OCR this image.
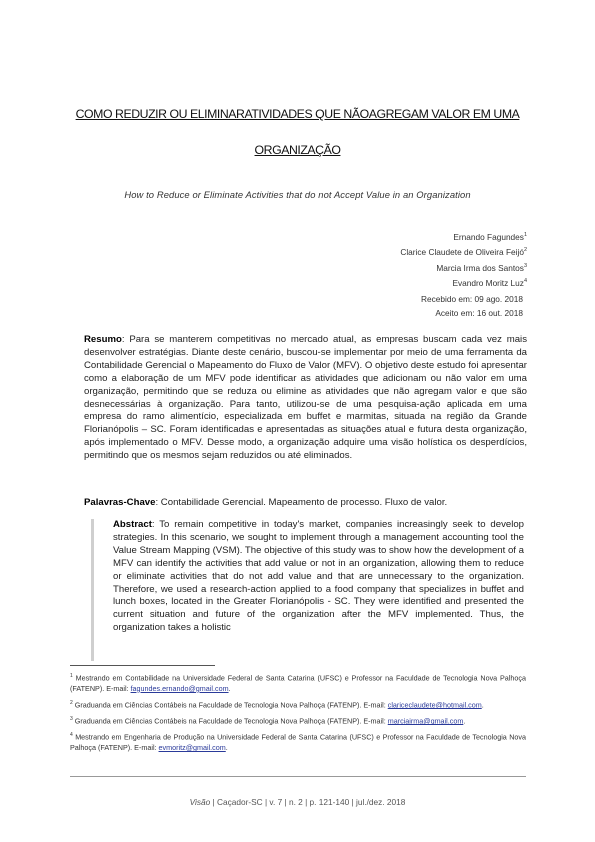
COMO REDUZIR OU ELIMINARATIVIDADES QUE NÃOAGREGAM VALOR EM UMA
ORGANIZAÇÃO
How to Reduce or Eliminate Activities that do not Accept Value in an Organization
Ernando Fagundes$^1$
Clarice Claudete de Oliveira Feijó$^2$
Marcia Irma dos Santos$^3$
Evandro Moritz Luz$^4$
Recebido em: 09 ago. 2018
Aceito em: 16 out. 2018
Resumo: Para se manterem competitivas no mercado atual, as empresas buscam cada vez mais desenvolver estratégias. Diante deste cenário, buscou-se implementar por meio de uma ferramenta da Contabilidade Gerencial o Mapeamento do Fluxo de Valor (MFV). O objetivo deste estudo foi apresentar como a elaboração de um MFV pode identificar as atividades que adicionam ou não valor em uma organização, permitindo que se reduza ou elimine as atividades que não agregam valor e que são desnecessárias à organização. Para tanto, utilizou-se de uma pesquisa-ação aplicada em uma empresa do ramo alimentício, especializada em buffet e marmitas, situada na região da Grande Florianópolis – SC. Foram identificadas e apresentadas as situações atual e futura desta organização, após implementado o MFV. Desse modo, a organização adquire uma visão holística os desperdícios, permitindo que os mesmos sejam reduzidos ou até eliminados.
Palavras-Chave: Contabilidade Gerencial. Mapeamento de processo. Fluxo de valor.
Abstract: To remain competitive in today's market, companies increasingly seek to develop strategies. In this scenario, we sought to implement through a management accounting tool the Value Stream Mapping (VSM). The objective of this study was to show how the development of a MFV can identify the activities that add value or not in an organization, allowing them to reduce or eliminate activities that do not add value and that are unnecessary to the organization. Therefore, we used a research-action applied to a food company that specializes in buffet and lunch boxes, located in the Greater Florianópolis - SC. They were identified and presented the current situation and future of the organization after the MFV implemented. Thus, the organization takes a holistic

$^1$ Mestrando em Contabilidade na Universidade Federal de Santa Catarina (UFSC) e Professor na Faculdade de Tecnologia Nova Palhoça (FATENP). E-mail: fagundes.ernando@gmail.com.

$^2$ Graduanda em Ciências Contábeis na Faculdade de Tecnologia Nova Palhoça (FATENP). E-mail: clariceclaudete@hotmail.com.

$^3$ Graduanda em Ciências Contábeis na Faculdade de Tecnologia Nova Palhoça (FATENP). E-mail: marciairma@gmail.com.

$^4$ Mestrando em Engenharia de Produção na Universidade Federal de Santa Catarina (UFSC) e Professor na Faculdade de Tecnologia Nova Palhoça (FATENP). E-mail: evmoritz@gmail.com.

Visão | Caçador-SC | v. 7 | n. 2 | p. 121-140 | jul./dez. 2018
